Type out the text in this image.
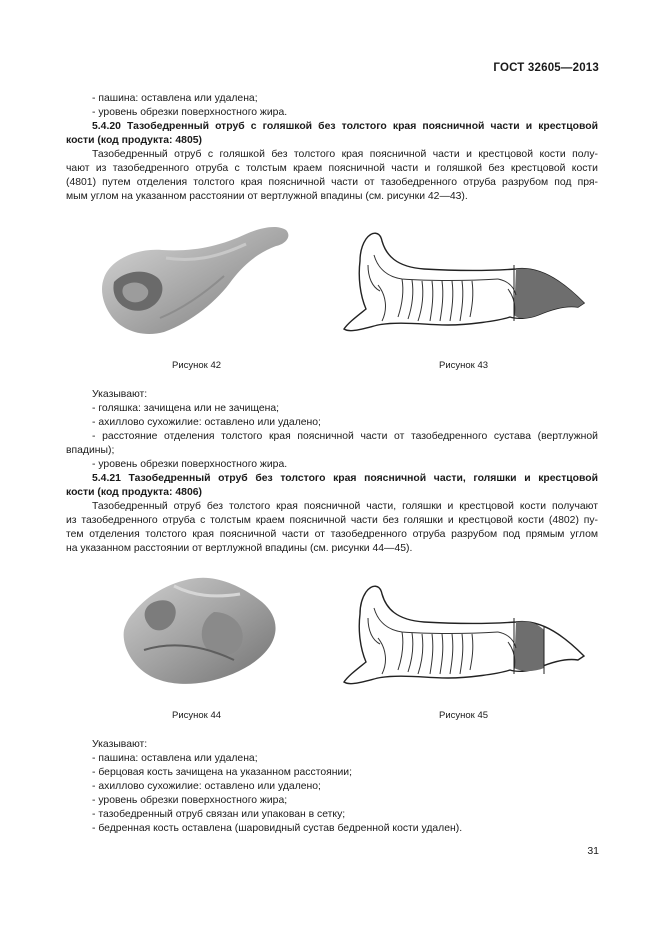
ГОСТ 32605—2013
- пашина: оставлена или удалена;
- уровень обрезки поверхностного жира.
5.4.20 Тазобедренный отруб с голяшкой без толстого края поясничной части и крестцовой
кости (код продукта: 4805)
Тазобедренный отруб с голяшкой без толстого края поясничной части и крестцовой кости полу-
чают из тазобедренного отруба с толстым краем поясничной части и голяшкой без крестцовой кости
(4801) путем отделения толстого края поясничной части от тазобедренного отруба разрубом под пря-
мым углом на указанном расстоянии от вертлужной впадины (см. рисунки 42—43).
Рисунок 42	Рисунок 43
Указывают:
- голяшка: зачищена или не зачищена;
- ахиллово сухожилие: оставлено или удалено;
- расстояние отделения толстого края поясничной части от тазобедренного сустава (вертлужной
впадины);
- уровень обрезки поверхностного жира.
5.4.21 Тазобедренный отруб без толстого края поясничной части, голяшки и крестцовой
кости (код продукта: 4806)
Тазобедренный отруб без толстого края поясничной части, голяшки и крестцовой кости получают
из тазобедренного отруба с толстым краем поясничной части без голяшки и крестцовой кости (4802) пу-
тем отделения толстого края поясничной части от тазобедренного отруба разрубом под прямым углом
на указанном расстоянии от вертлужной впадины (см. рисунки 44—45).
Рисунок 44	Рисунок 45
Указывают:
- пашина: оставлена или удалена;
- берцовая кость зачищена на указанном расстоянии;
- ахиллово сухожилие: оставлено или удалено;
- уровень обрезки поверхностного жира;
- тазобедренный отруб связан или упакован в сетку;
- бедренная кость оставлена (шаровидный сустав бедренной кости удален).
31
